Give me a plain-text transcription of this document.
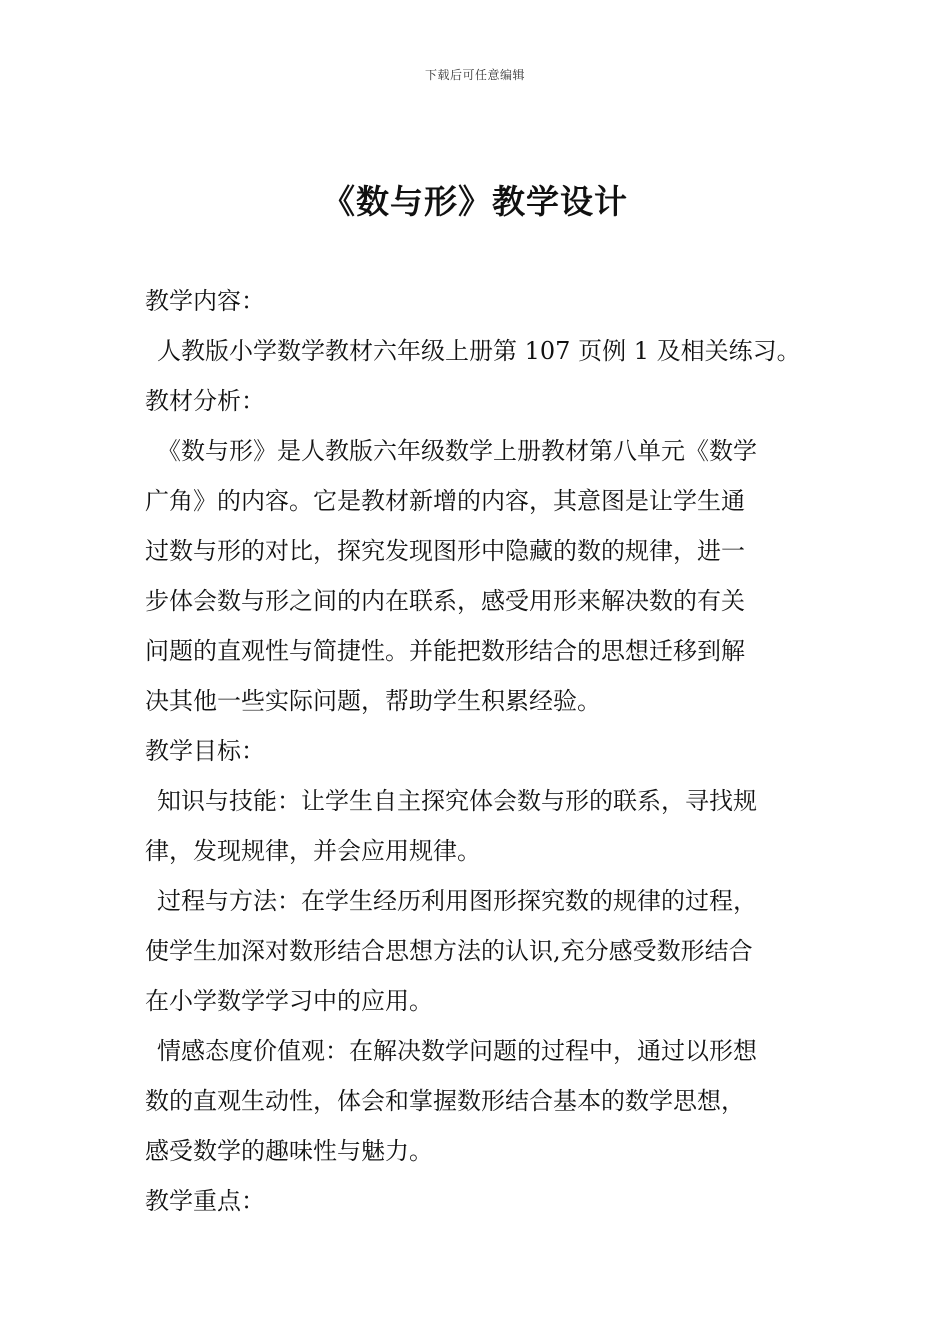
下载后可任意编辑
《数与形》教学设计
教学内容：
人教版小学数学教材六年级上册第 107 页例 1 及相关练习。
教材分析：
《数与形》是人教版六年级数学上册教材第八单元《数学
广角》的内容。它是教材新增的内容，其意图是让学生通
过数与形的对比，探究发现图形中隐藏的数的规律，进一
步体会数与形之间的内在联系，感受用形来解决数的有关
问题的直观性与简捷性。并能把数形结合的思想迁移到解
决其他一些实际问题，帮助学生积累经验。
教学目标：
知识与技能：让学生自主探究体会数与形的联系，寻找规
律，发现规律，并会应用规律。
过程与方法：在学生经历利用图形探究数的规律的过程，
使学生加深对数形结合思想方法的认识,充分感受数形结合
在小学数学学习中的应用。
情感态度价值观：在解决数学问题的过程中，通过以形想
数的直观生动性，体会和掌握数形结合基本的数学思想，
感受数学的趣味性与魅力。
教学重点：
